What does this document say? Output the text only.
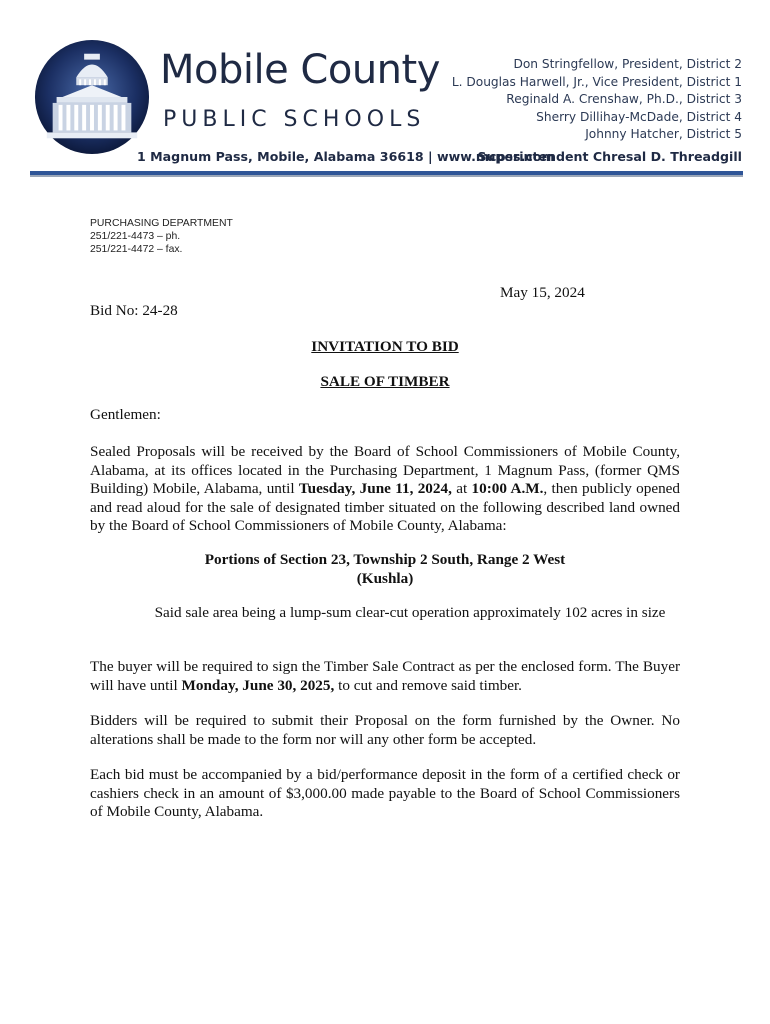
Mobile County
PUBLIC SCHOOLS
Don Stringfellow, President, District 2
L. Douglas Harwell, Jr., Vice President, District 1
Reginald A. Crenshaw, Ph.D., District 3
Sherry Dillihay-McDade, District 4
Johnny Hatcher, District 5
1 Magnum Pass, Mobile, Alabama 36618 | www.mcpss.com
Superintendent Chresal D. Threadgill
PURCHASING DEPARTMENT
251/221-4473 – ph.
251/221-4472 – fax.
May 15, 2024
Bid No: 24-28
INVITATION TO BID
SALE OF TIMBER
Gentlemen:
Sealed Proposals will be received by the Board of School Commissioners of Mobile County, Alabama, at its offices located in the Purchasing Department, 1 Magnum Pass, (former QMS Building) Mobile, Alabama, until Tuesday, June 11, 2024, at 10:00 A.M., then publicly opened and read aloud for the sale of designated timber situated on the following described land owned by the Board of School Commissioners of Mobile County, Alabama:
Portions of Section 23, Township 2 South, Range 2 West
(Kushla)
Said sale area being a lump-sum clear-cut operation approximately 102 acres in size
The buyer will be required to sign the Timber Sale Contract as per the enclosed form. The Buyer will have until Monday, June 30, 2025, to cut and remove said timber.
Bidders will be required to submit their Proposal on the form furnished by the Owner. No alterations shall be made to the form nor will any other form be accepted.
Each bid must be accompanied by a bid/performance deposit in the form of a certified check or cashiers check in an amount of $3,000.00 made payable to the Board of School Commissioners of Mobile County, Alabama.
